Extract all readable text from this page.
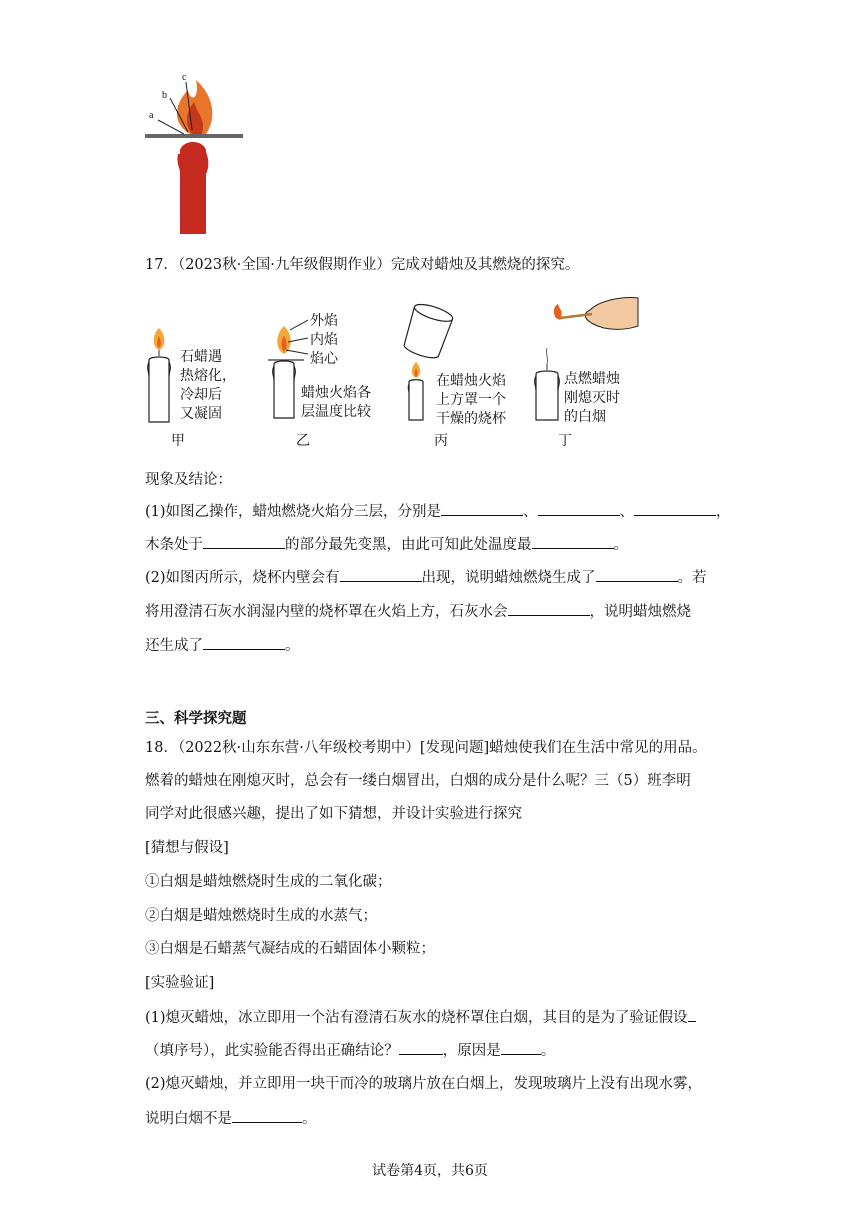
a
b
c
17．（2023秋·全国·九年级假期作业）完成对蜡烛及其燃烧的探究。
石蜡遇
热熔化，
冷却后
又凝固
甲
外焰
内焰
焰心
蜡烛火焰各
层温度比较
乙
在蜡烛火焰
上方罩一个
干燥的烧杯
丙
点燃蜡烛
刚熄灭时
的白烟
丁
现象及结论：
(1)如图乙操作，蜡烛燃烧火焰分三层，分别是	、	、	，
木条处于	的部分最先变黑，由此可知此处温度最	。
(2)如图丙所示，烧杯内壁会有	出现，说明蜡烛燃烧生成了	。若
将用澄清石灰水润湿内壁的烧杯罩在火焰上方，石灰水会	，说明蜡烛燃烧
还生成了	。
三、科学探究题
18．（2022秋·山东东营·八年级校考期中）[发现问题]蜡烛使我们在生活中常见的用品。
燃着的蜡烛在刚熄灭时，总会有一缕白烟冒出，白烟的成分是什么呢？三（5）班李明
同学对此很感兴趣，提出了如下猜想，并设计实验进行探究
[猜想与假设]
①白烟是蜡烛燃烧时生成的二氧化碳；
②白烟是蜡烛燃烧时生成的水蒸气；
③白烟是石蜡蒸气凝结成的石蜡固体小颗粒；
[实验验证]
(1)熄灭蜡烛，冰立即用一个沾有澄清石灰水的烧杯罩住白烟，其目的是为了验证假设
（填序号），此实验能否得出正确结论？	，原因是	。
(2)熄灭蜡烛，并立即用一块干而冷的玻璃片放在白烟上，发现玻璃片上没有出现水雾，
说明白烟不是	。
试卷第4页，共6页
